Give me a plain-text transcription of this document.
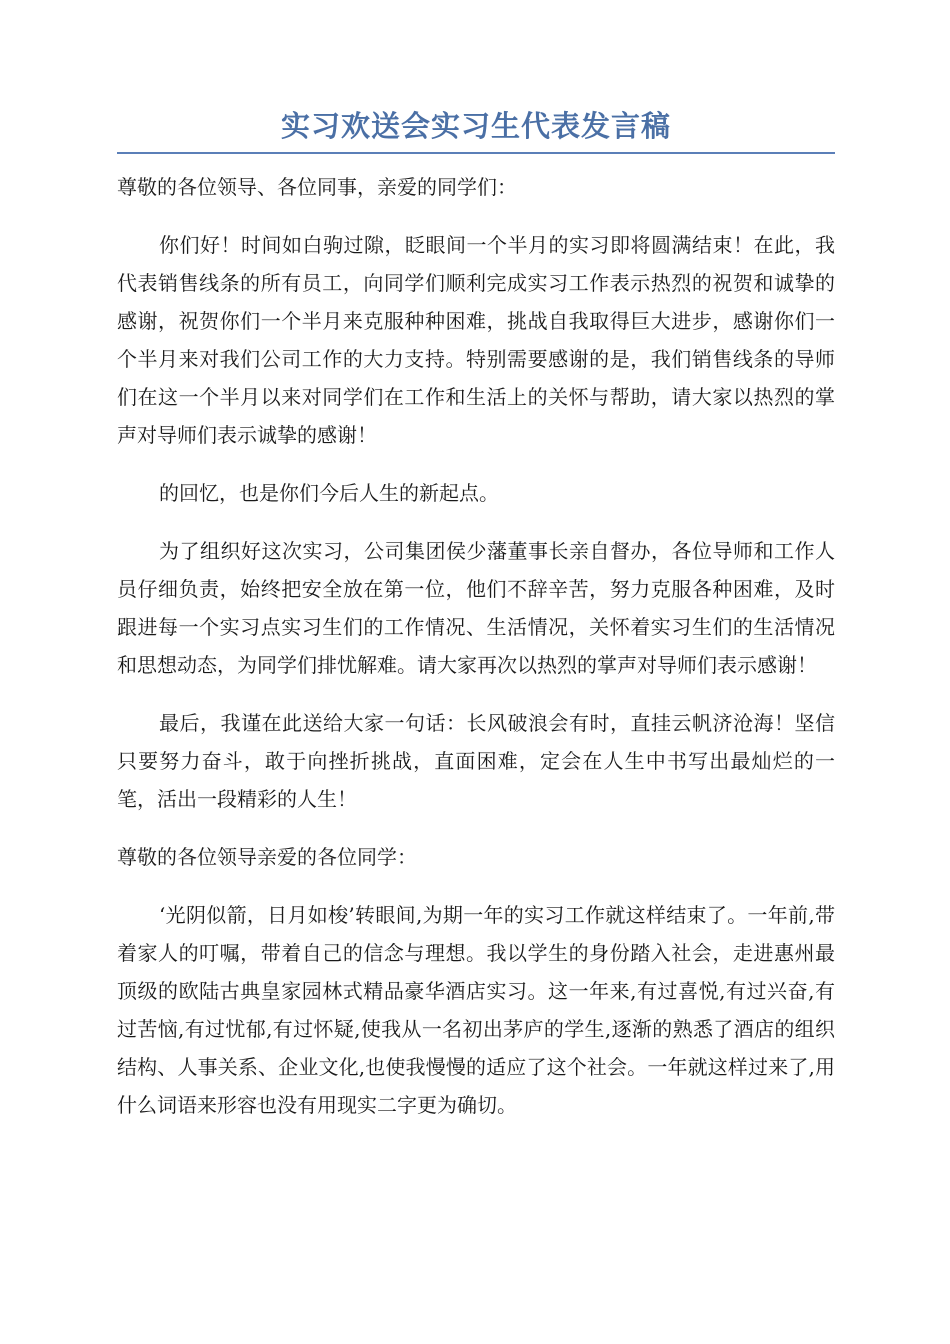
实习欢送会实习生代表发言稿

尊敬的各位领导、各位同事，亲爱的同学们：

你们好！时间如白驹过隙，眨眼间一个半月的实习即将圆满结束！在此，我代表销售线条的所有员工，向同学们顺利完成实习工作表示热烈的祝贺和诚挚的感谢，祝贺你们一个半月来克服种种困难，挑战自我取得巨大进步，感谢你们一个半月来对我们公司工作的大力支持。特别需要感谢的是，我们销售线条的导师们在这一个半月以来对同学们在工作和生活上的关怀与帮助，请大家以热烈的掌声对导师们表示诚挚的感谢！

的回忆，也是你们今后人生的新起点。

为了组织好这次实习，公司集团侯少藩董事长亲自督办，各位导师和工作人员仔细负责，始终把安全放在第一位，他们不辞辛苦，努力克服各种困难，及时跟进每一个实习点实习生们的工作情况、生活情况，关怀着实习生们的生活情况和思想动态，为同学们排忧解难。请大家再次以热烈的掌声对导师们表示感谢！

最后，我谨在此送给大家一句话：长风破浪会有时，直挂云帆济沧海！坚信只要努力奋斗，敢于向挫折挑战，直面困难，定会在人生中书写出最灿烂的一笔，活出一段精彩的人生！

尊敬的各位领导亲爱的各位同学：

‘光阴似箭，日月如梭’转眼间,为期一年的实习工作就这样结束了。一年前,带着家人的叮嘱，带着自己的信念与理想。我以学生的身份踏入社会，走进惠州最顶级的欧陆古典皇家园林式精品豪华酒店实习。这一年来,有过喜悦,有过兴奋,有过苦恼,有过忧郁,有过怀疑,使我从一名初出茅庐的学生,逐渐的熟悉了酒店的组织结构、人事关系、企业文化,也使我慢慢的适应了这个社会。一年就这样过来了,用什么词语来形容也没有用现实二字更为确切。
